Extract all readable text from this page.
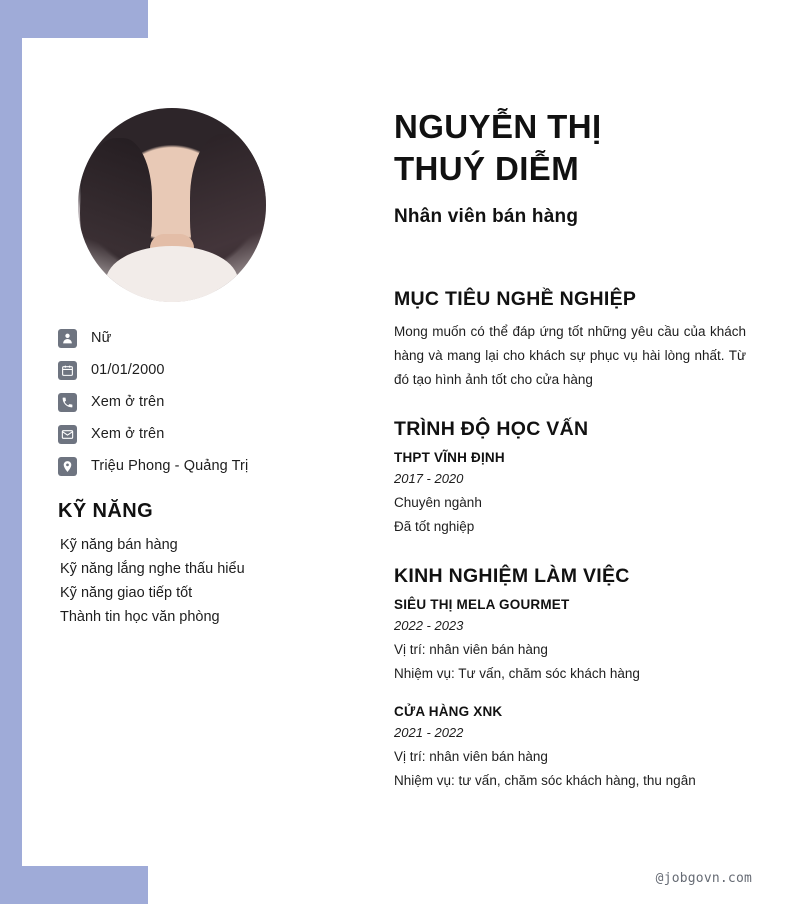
Nữ
01/01/2000
Xem ở trên
Xem ở trên
Triệu Phong - Quảng Trị
KỸ NĂNG
Kỹ năng bán hàng
Kỹ năng lắng nghe thấu hiểu
Kỹ năng giao tiếp tốt
Thành tin học văn phòng
NGUYỄN THỊ
THUÝ DIỄM
Nhân viên bán hàng
MỤC TIÊU NGHỀ NGHIỆP
Mong muốn có thể đáp ứng tốt những yêu cầu của khách hàng và mang lại cho khách sự phục vụ hài lòng nhất. Từ đó tạo hình ảnh tốt cho cửa hàng
TRÌNH ĐỘ HỌC VẤN
THPT VĨNH ĐỊNH
2017 - 2020
Chuyên ngành
Đã tốt nghiệp
KINH NGHIỆM LÀM VIỆC
SIÊU THỊ MELA GOURMET
2022 - 2023
Vị trí: nhân viên bán hàng
Nhiệm vụ: Tư vấn, chăm sóc khách hàng
CỬA HÀNG XNK
2021 - 2022
Vị trí: nhân viên bán hàng
Nhiệm vụ: tư vấn, chăm sóc khách hàng, thu ngân
@jobgovn.com
